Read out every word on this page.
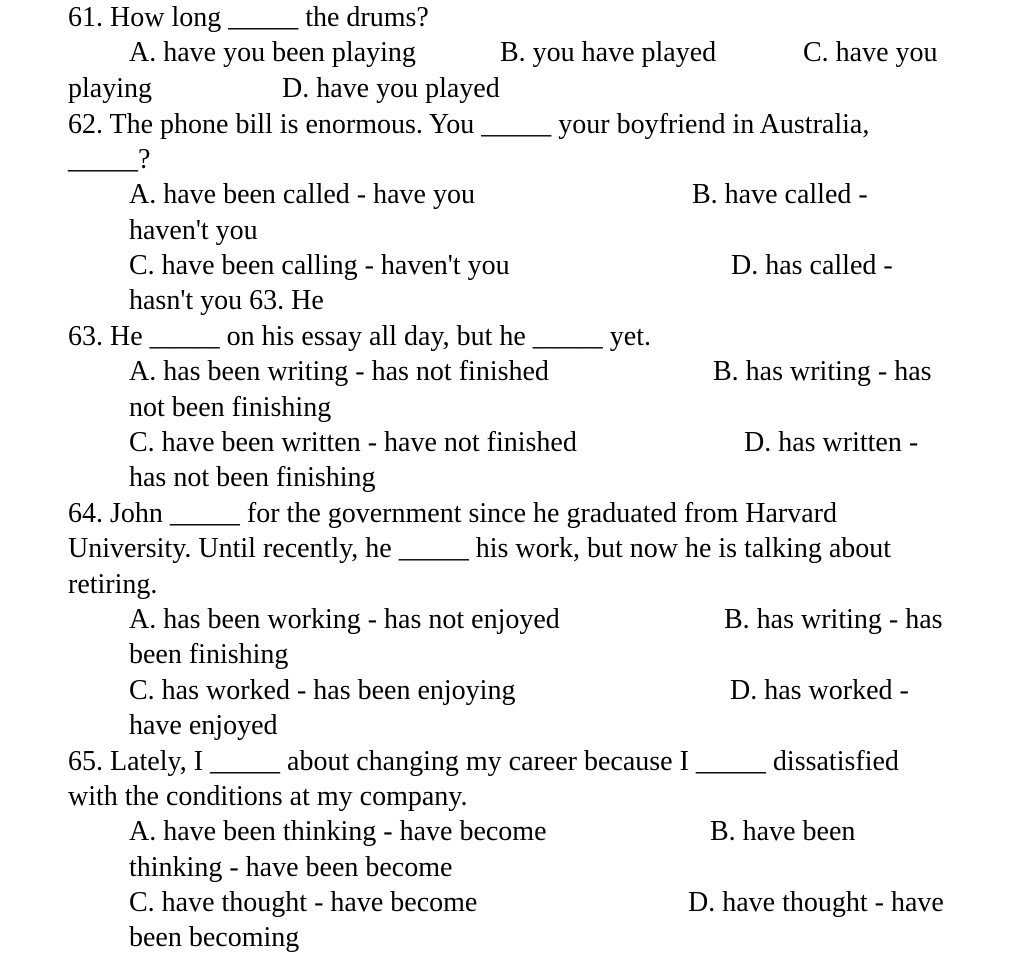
61. How long _____ the drums?
A. have you been playing	B. you have played	C. have you
playing	D. have you played
62. The phone bill is enormous. You _____ your boyfriend in Australia,
_____?
A. have been called - have you	B. have called -
haven't you
C. have been calling - haven't you	D. has called -
hasn't you 63. He
63. He _____ on his essay all day, but he _____ yet.
A. has been writing - has not finished	B. has writing - has
not been finishing
C. have been written - have not finished	D. has written -
has not been finishing
64. John _____ for the government since he graduated from Harvard
University. Until recently, he _____ his work, but now he is talking about
retiring.
A. has been working - has not enjoyed	B. has writing - has
been finishing
C. has worked - has been enjoying	D. has worked -
have enjoyed
65. Lately, I _____ about changing my career because I _____ dissatisfied
with the conditions at my company.
A. have been thinking - have become	B. have been
thinking - have been become
C. have thought - have become	D. have thought - have
been becoming
